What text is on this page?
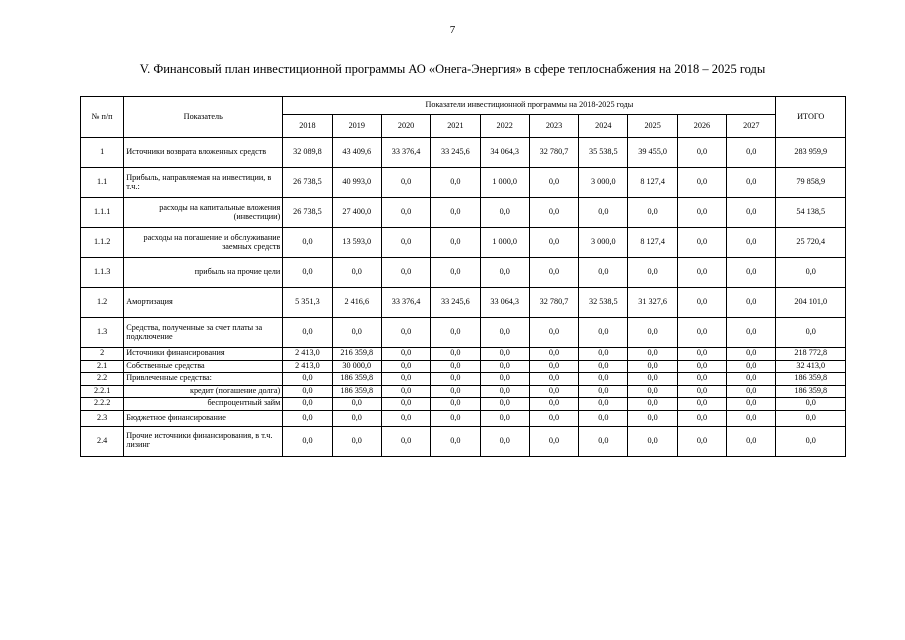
7
V. Финансовый план инвестиционной программы АО «Онега-Энергия» в сфере теплоснабжения на 2018 – 2025 годы
№ п/п	Показатель	Показатели инвестиционной программы на 2018-2025 годы										ИТОГО
		2018	2019	2020	2021	2022	2023	2024	2025	2026	2027	
1	Источники возврата вложенных средств	32 089,8	43 409,6	33 376,4	33 245,6	34 064,3	32 780,7	35 538,5	39 455,0	0,0	0,0	283 959,9
1.1	Прибыль, направляемая на инвестиции, в т.ч.:	26 738,5	40 993,0	0,0	0,0	1 000,0	0,0	3 000,0	8 127,4	0,0	0,0	79 858,9
1.1.1	расходы на капитальные вложения (инвестиции)	26 738,5	27 400,0	0,0	0,0	0,0	0,0	0,0	0,0	0,0	0,0	54 138,5
1.1.2	расходы на погашение и обслуживание заемных средств	0,0	13 593,0	0,0	0,0	1 000,0	0,0	3 000,0	8 127,4	0,0	0,0	25 720,4
1.1.3	прибыль на прочие цели	0,0	0,0	0,0	0,0	0,0	0,0	0,0	0,0	0,0	0,0	0,0
1.2	Амортизация	5 351,3	2 416,6	33 376,4	33 245,6	33 064,3	32 780,7	32 538,5	31 327,6	0,0	0,0	204 101,0
1.3	Средства, полученные за счет платы за подключение	0,0	0,0	0,0	0,0	0,0	0,0	0,0	0,0	0,0	0,0	0,0
2	Источники финансирования	2 413,0	216 359,8	0,0	0,0	0,0	0,0	0,0	0,0	0,0	0,0	218 772,8
2.1	Собственные средства	2 413,0	30 000,0	0,0	0,0	0,0	0,0	0,0	0,0	0,0	0,0	32 413,0
2.2	Привлеченные средства:	0,0	186 359,8	0,0	0,0	0,0	0,0	0,0	0,0	0,0	0,0	186 359,8
2.2.1	кредит (погашение долга)	0,0	186 359,8	0,0	0,0	0,0	0,0	0,0	0,0	0,0	0,0	186 359,8
2.2.2	беспроцентный займ	0,0	0,0	0,0	0,0	0,0	0,0	0,0	0,0	0,0	0,0	0,0
2.3	Бюджетное финансирование	0,0	0,0	0,0	0,0	0,0	0,0	0,0	0,0	0,0	0,0	0,0
2.4	Прочие источники финансирования, в т.ч. лизинг	0,0	0,0	0,0	0,0	0,0	0,0	0,0	0,0	0,0	0,0	0,0
